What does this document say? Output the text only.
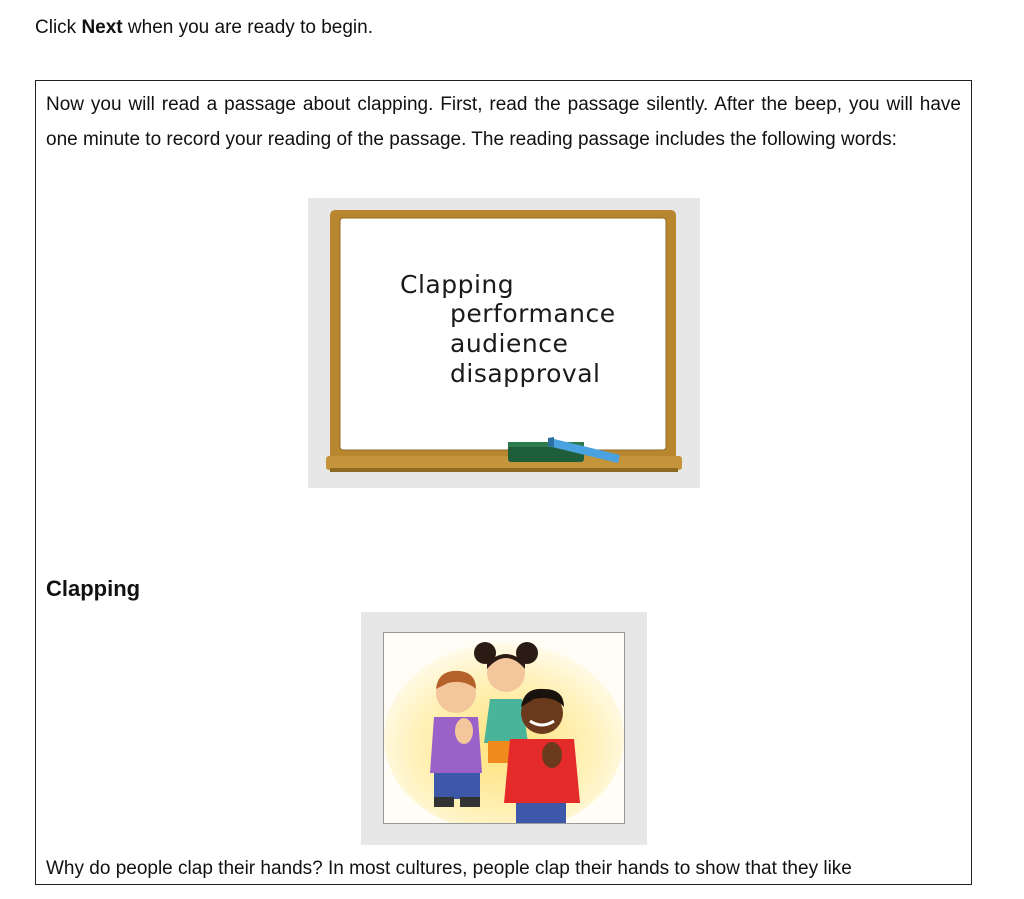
Click Next when you are ready to begin.
Now you will read a passage about clapping. First, read the passage silently. After the beep, you will have one minute to record your reading of the passage. The reading passage includes the following words:
Clapping
performance
audience
disapproval
Clapping
Why do people clap their hands? In most cultures, people clap their hands to show that they like
